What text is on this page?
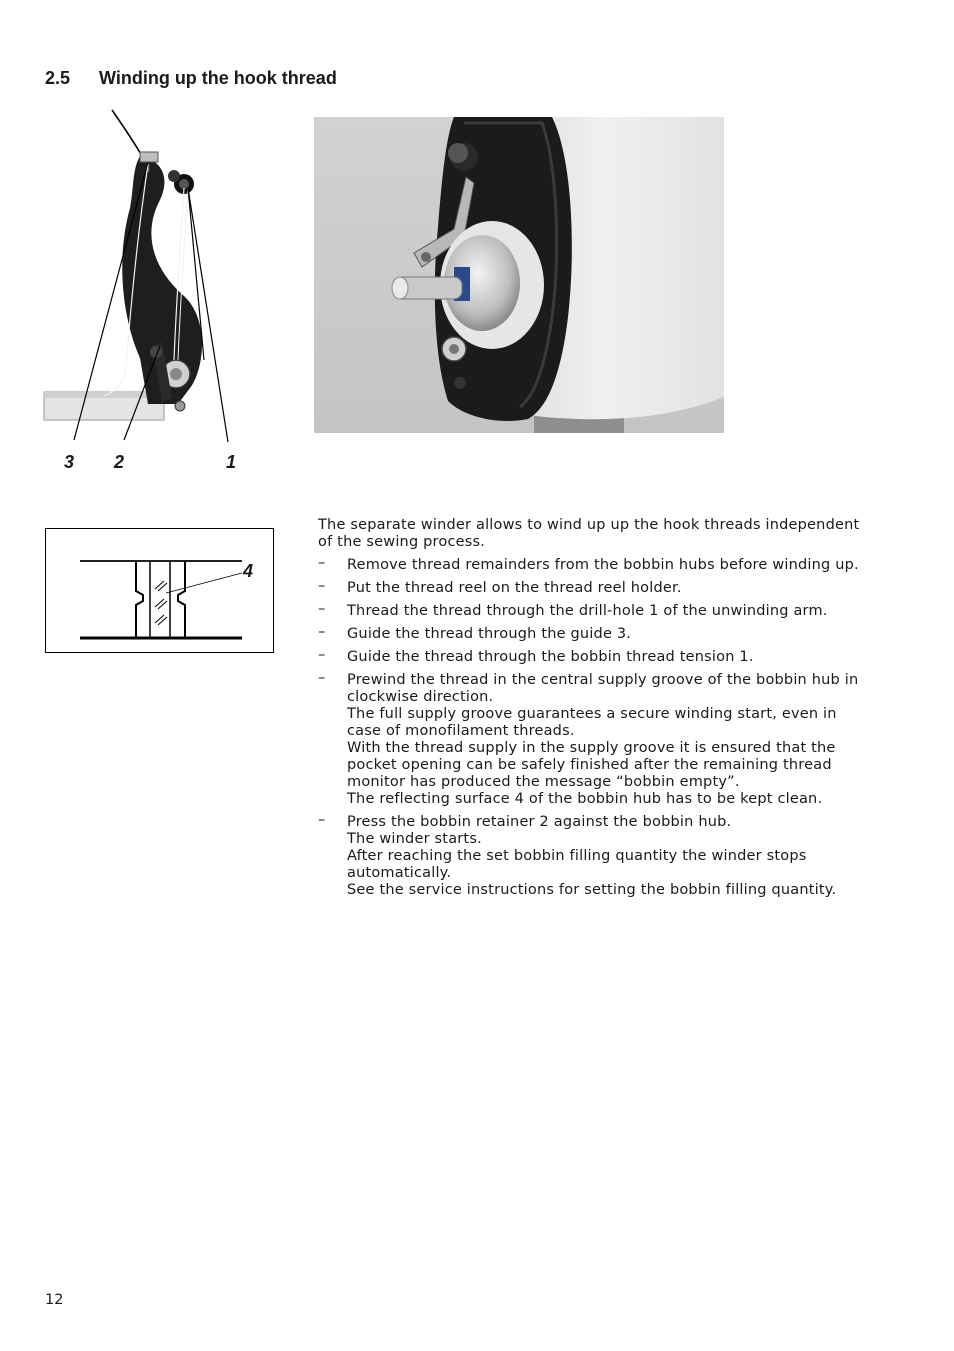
2.5 Winding up the hook thread
3 2	1
4

The separate winder allows to wind up up the hook threads independent of the sewing process.

– Remove thread remainders from the bobbin hubs before winding up.
– Put the thread reel on the thread reel holder.
– Thread the thread through the drill-hole 1 of the unwinding arm.
– Guide the thread through the guide 3.
– Guide the thread through the bobbin thread tension 1.
– Prewind the thread in the central supply groove of the bobbin hub in clockwise direction.
The full supply groove guarantees a secure winding start, even in case of monofilament threads.
With the thread supply in the supply groove it is ensured that the pocket opening can be safely finished after the remaining thread monitor has produced the message “bobbin empty”.
The reflecting surface 4 of the bobbin hub has to be kept clean.
– Press the bobbin retainer 2 against the bobbin hub.
The winder starts.
After reaching the set bobbin filling quantity the winder stops automatically.
See the service instructions for setting the bobbin filling quantity.
12
